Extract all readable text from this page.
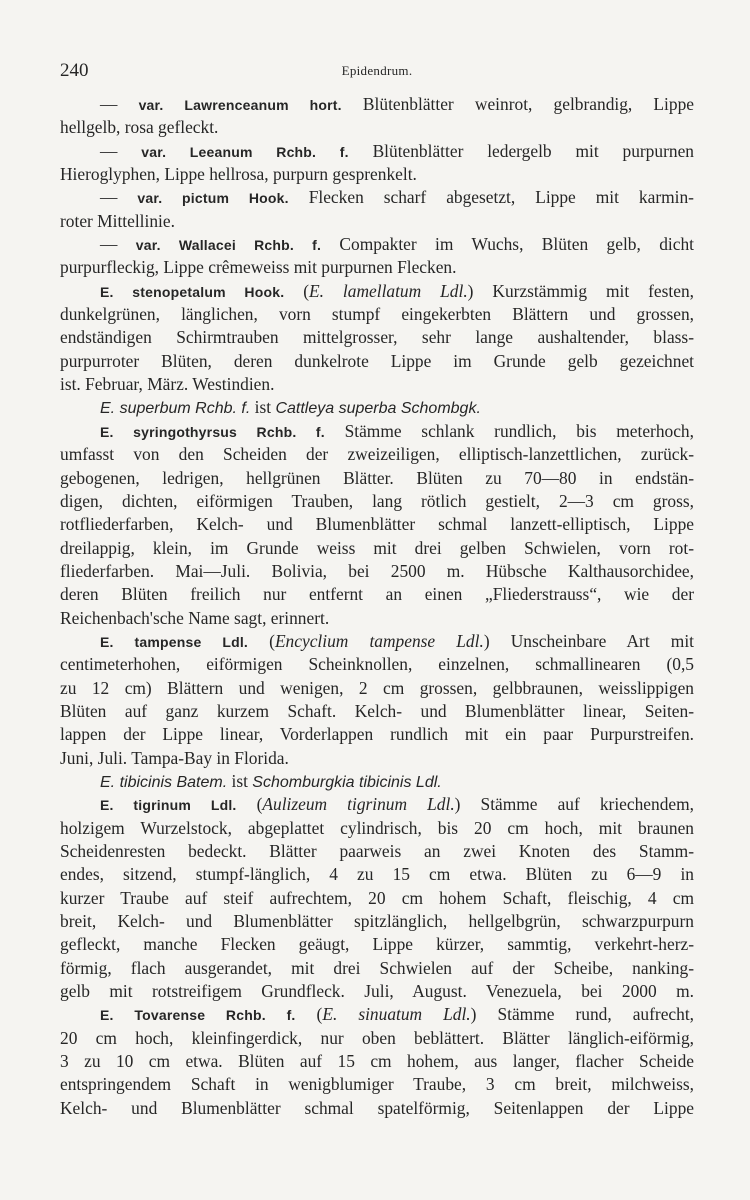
240	Epidendrum.
— var. Lawrenceanum hort. Blütenblätter weinrot, gelbrandig, Lippe
hellgelb, rosa gefleckt.
— var. Leeanum Rchb. f. Blütenblätter ledergelb mit purpurnen
Hieroglyphen, Lippe hellrosa, purpurn gesprenkelt.
— var. pictum Hook. Flecken scharf abgesetzt, Lippe mit karmin-
roter Mittellinie.
— var. Wallacei Rchb. f. Compakter im Wuchs, Blüten gelb, dicht
purpurfleckig, Lippe crêmeweiss mit purpurnen Flecken.
E. stenopetalum Hook. (E. lamellatum Ldl.) Kurzstämmig mit festen,
dunkelgrünen, länglichen, vorn stumpf eingekerbten Blättern und grossen,
endständigen Schirmtrauben mittelgrosser, sehr lange aushaltender, blass-
purpurroter Blüten, deren dunkelrote Lippe im Grunde gelb gezeichnet
ist. Februar, März. Westindien.
E. superbum Rchb. f. ist Cattleya superba Schombgk.
E. syringothyrsus Rchb. f. Stämme schlank rundlich, bis meterhoch,
umfasst von den Scheiden der zweizeiligen, elliptisch-lanzettlichen, zurück-
gebogenen, ledrigen, hellgrünen Blätter. Blüten zu 70—80 in endstän-
digen, dichten, eiförmigen Trauben, lang rötlich gestielt, 2—3 cm gross,
rotfliederfarben, Kelch- und Blumenblätter schmal lanzett-elliptisch, Lippe
dreilappig, klein, im Grunde weiss mit drei gelben Schwielen, vorn rot-
fliederfarben. Mai—Juli. Bolivia, bei 2500 m. Hübsche Kalthausorchidee,
deren Blüten freilich nur entfernt an einen „Fliederstrauss“, wie der
Reichenbach'sche Name sagt, erinnert.
E. tampense Ldl. (Encyclium tampense Ldl.) Unscheinbare Art mit
centimeterhohen, eiförmigen Scheinknollen, einzelnen, schmallinearen (0,5
zu 12 cm) Blättern und wenigen, 2 cm grossen, gelbbraunen, weisslippigen
Blüten auf ganz kurzem Schaft. Kelch- und Blumenblätter linear, Seiten-
lappen der Lippe linear, Vorderlappen rundlich mit ein paar Purpurstreifen.
Juni, Juli. Tampa-Bay in Florida.
E. tibicinis Batem. ist Schomburgkia tibicinis Ldl.
E. tigrinum Ldl. (Aulizeum tigrinum Ldl.) Stämme auf kriechendem,
holzigem Wurzelstock, abgeplattet cylindrisch, bis 20 cm hoch, mit braunen
Scheidenresten bedeckt. Blätter paarweis an zwei Knoten des Stamm-
endes, sitzend, stumpf-länglich, 4 zu 15 cm etwa. Blüten zu 6—9 in
kurzer Traube auf steif aufrechtem, 20 cm hohem Schaft, fleischig, 4 cm
breit, Kelch- und Blumenblätter spitzlänglich, hellgelbgrün, schwarzpurpurn
gefleckt, manche Flecken geäugt, Lippe kürzer, sammtig, verkehrt-herz-
förmig, flach ausgerandet, mit drei Schwielen auf der Scheibe, nanking-
gelb mit rotstreifigem Grundfleck. Juli, August. Venezuela, bei 2000 m.
E. Tovarense Rchb. f. (E. sinuatum Ldl.) Stämme rund, aufrecht,
20 cm hoch, kleinfingerdick, nur oben beblättert. Blätter länglich-eiförmig,
3 zu 10 cm etwa. Blüten auf 15 cm hohem, aus langer, flacher Scheide
entspringendem Schaft in wenigblumiger Traube, 3 cm breit, milchweiss,
Kelch- und Blumenblätter schmal spatelförmig, Seitenlappen der Lippe
